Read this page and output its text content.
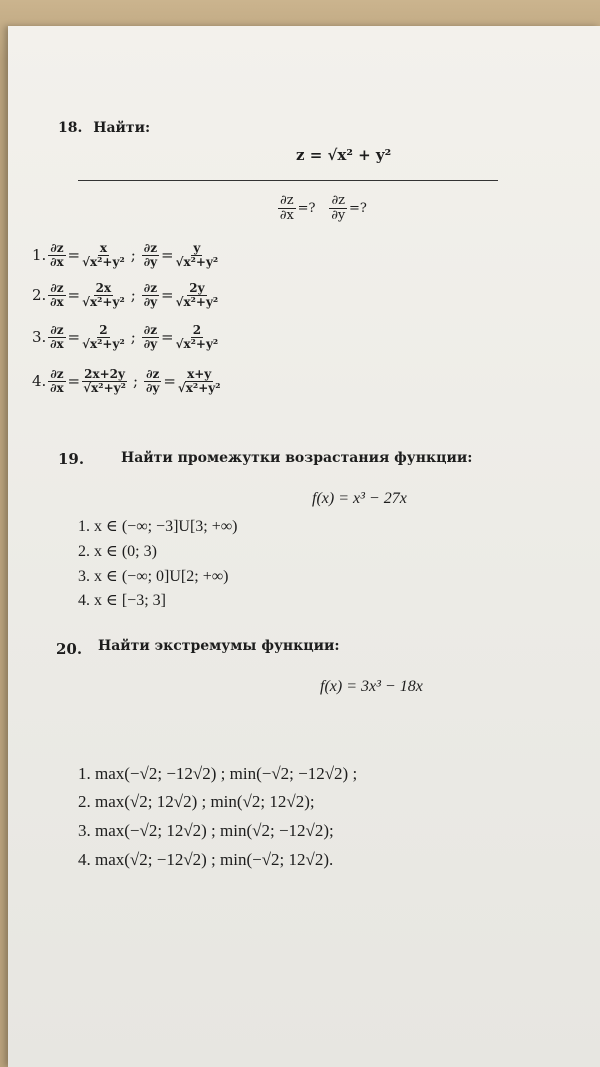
18. Найти:
z = √x² + y²
$\frac{\partial z}{\partial x}$ =? $\frac{\partial z}{\partial y}$ =?
1. $\frac{\partial z}{\partial x} = \frac{x}{\text{√x²+y²}}$ ; $\frac{\partial z}{\partial y} = \frac{y}{\text{√x²+y²}}$
2. $\frac{\partial z}{\partial x} = \frac{2x}{\text{√x²+y²}}$ ; $\frac{\partial z}{\partial y} = \frac{2y}{\text{√x²+y²}}$
3. $\frac{\partial z}{\partial x} = \frac{2}{\text{√x²+y²}}$ ; $\frac{\partial z}{\partial y} = \frac{2}{\text{√x²+y²}}$
4. $\frac{\partial z}{\partial x} = \frac{2x+2y}{\text{√x²+y²}}$ ; $\frac{\partial z}{\partial y} = \frac{x+y}{\text{√x²+y²}}$
19.	Найти промежутки возрастания функции:
f(x) = x³ − 27x
1. x ∈ (−∞; −3]U[3; +∞)
2. x ∈ (0; 3)
3. x ∈ (−∞; 0]U[2; +∞)
4. x ∈ [−3; 3]
20. Найти экстремумы функции:
f(x) = 3x³ − 18x
1. max(−√2; −12√2) ; min(−√2; −12√2) ;
2. max(√2; 12√2) ; min(√2; 12√2);
3. max(−√2; 12√2) ; min(√2; −12√2);
4. max(√2; −12√2) ; min(−√2; 12√2).
